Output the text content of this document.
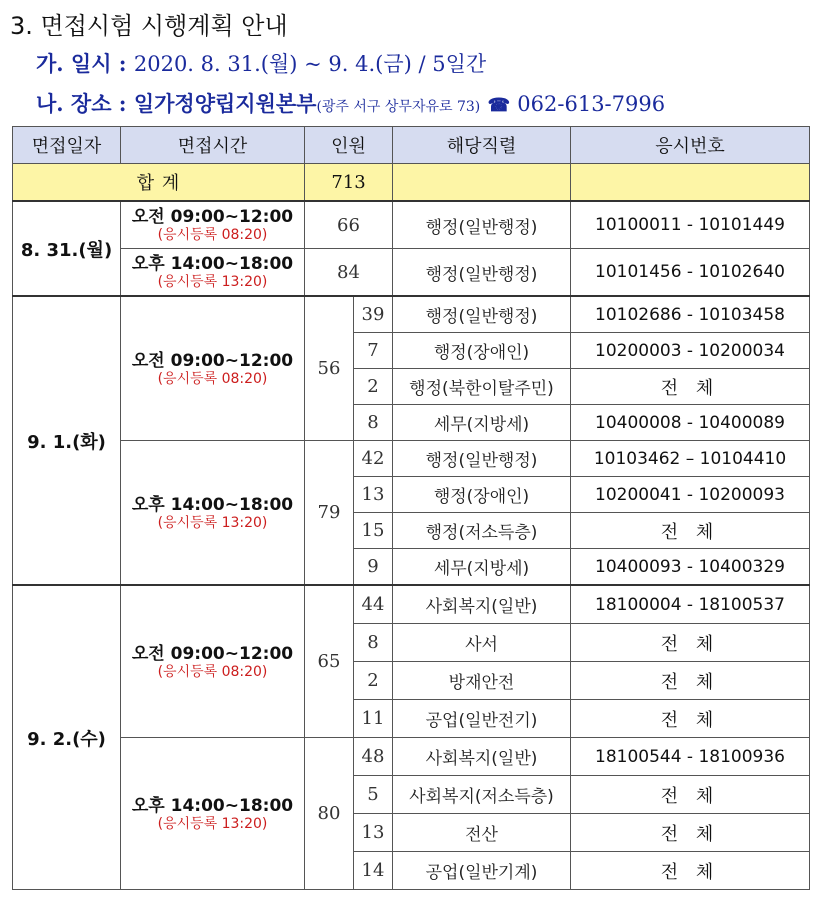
3. 면접시험 시행계획 안내
가. 일시 : 2020. 8. 31.(월) ~ 9. 4.(금) / 5일간
나. 장소 : 일가정양립지원본부(광주 서구 상무자유로 73) ☎ 062-613-7996
면접일자	면접시간	인원		해당직렬	응시번호
합 계		713			
8. 31.(월)	오전 09:00~12:00
(응시등록 08:20)	66		행정(일반행정)	10100011 - 10101449

	오후 14:00~18:00
(응시등록 13:20)	84		행정(일반행정)	10101456 - 10102640
9. 1.(화)	오전 09:00~12:00
(응시등록 08:20)	56	39	행정(일반행정)	10102686 - 10103458
			7	행정(장애인)	10200003 - 10200034
			2	행정(북한이탈주민)	전 체
			8	세무(지방세)	10400008 - 10400089

	오후 14:00~18:00
(응시등록 13:20)	79	42	행정(일반행정)	10103462 – 10104410
			13	행정(장애인)	10200041 - 10200093
			15	행정(저소득층)	전 체
			9	세무(지방세)	10400093 - 10400329
9. 2.(수)	오전 09:00~12:00
(응시등록 08:20)	65	44	사회복지(일반)	18100004 - 18100537
			8	사서	전 체
			2	방재안전	전 체
			11	공업(일반전기)	전 체

	오후 14:00~18:00
(응시등록 13:20)	80	48	사회복지(일반)	18100544 - 18100936
			5	사회복지(저소득층)	전 체
			13	전산	전 체
			14	공업(일반기계)	전 체
